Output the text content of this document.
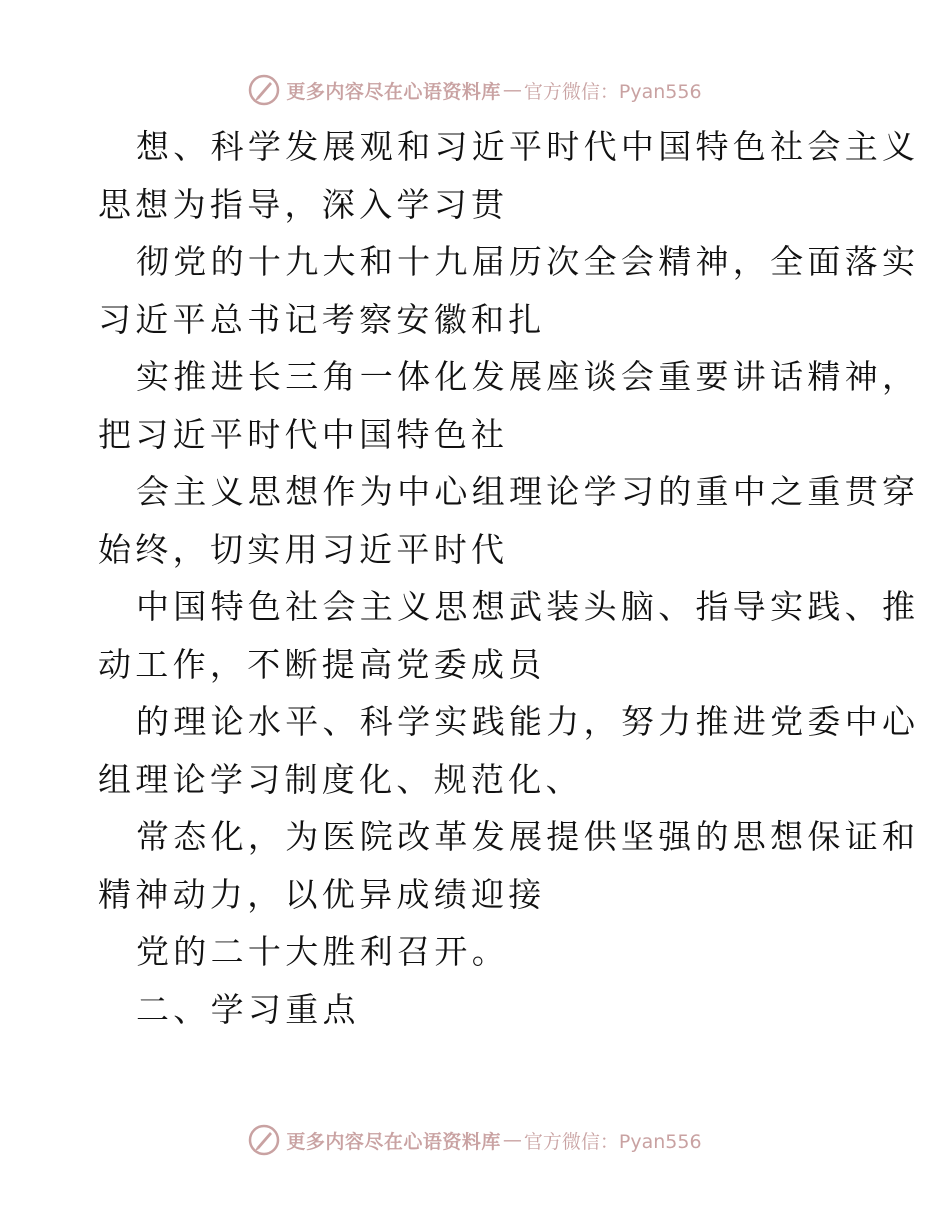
更多内容尽在心语资料库 — 官方微信：Pyan556
想、科学发展观和习近平时代中国特色社会主义
思想为指导，深入学习贯
彻党的十九大和十九届历次全会精神，全面落实
习近平总书记考察安徽和扎
实推进长三角一体化发展座谈会重要讲话精神，
把习近平时代中国特色社
会主义思想作为中心组理论学习的重中之重贯穿
始终，切实用习近平时代
中国特色社会主义思想武装头脑、指导实践、推
动工作，不断提高党委成员
的理论水平、科学实践能力，努力推进党委中心
组理论学习制度化、规范化、
常态化，为医院改革发展提供坚强的思想保证和
精神动力，以优异成绩迎接
党的二十大胜利召开。
二、学习重点
更多内容尽在心语资料库 — 官方微信：Pyan556
